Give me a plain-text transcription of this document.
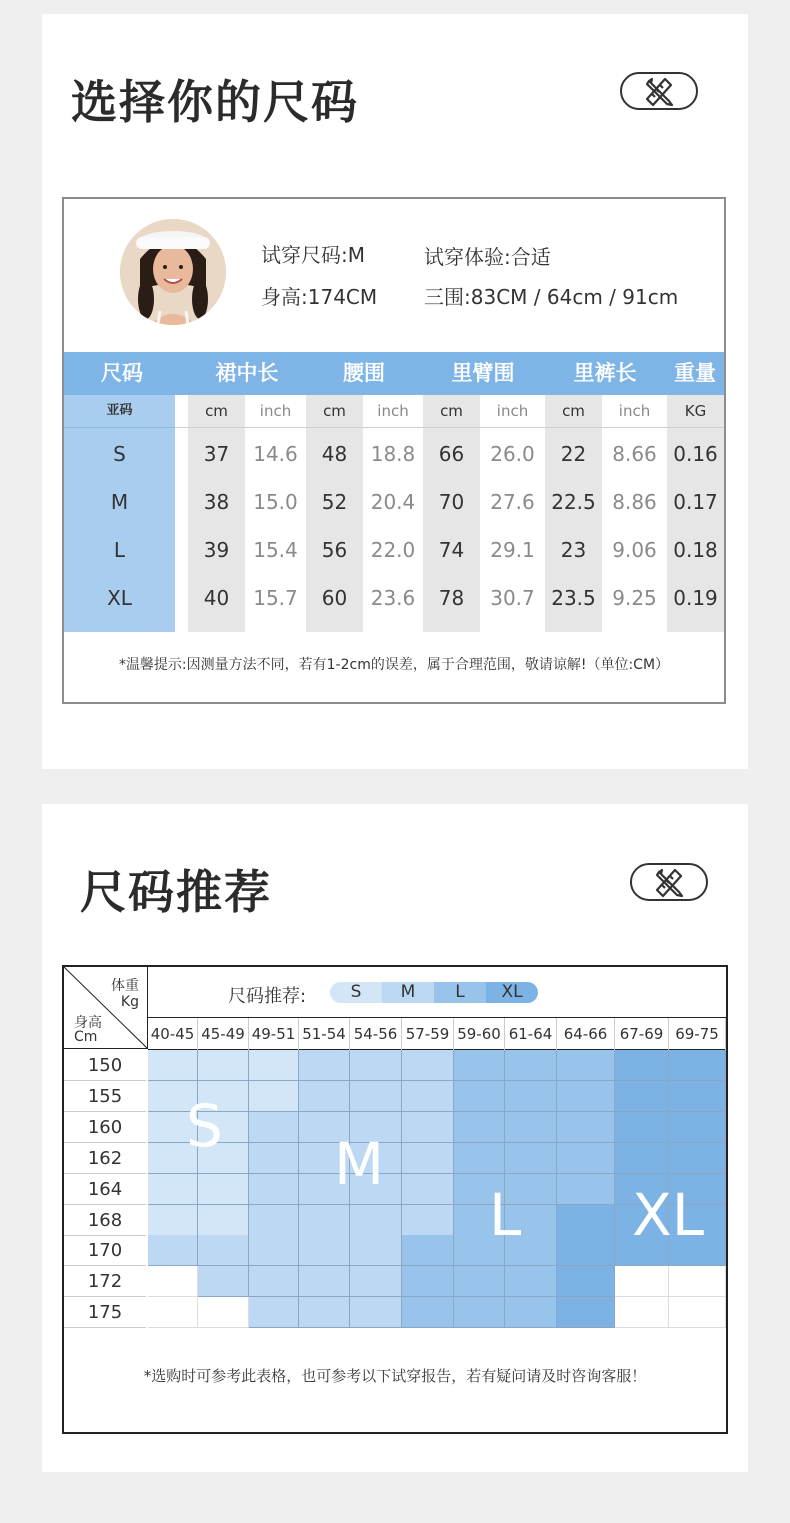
选择你的尺码
试穿尺码:M	试穿体验:合适
身高:174CM 三围:83CM / 64cm / 91cm
尺码	裙中长	腰围	里臂围	里裤长	重量
亚码	cm	inch	cm	inch	cm	inch	cm	inch	KG
S	37	14.6	48	18.8	66	26.0	22	8.66 0.16
M	38	15.0	52	20.4	70	27.6 22.5 8.86 0.17
L	39	15.4	56	22.0	74	29.1	23	9.06 0.18
XL	40	15.7	60	23.6	78	30.7 23.5 9.25 0.19
*温馨提示:因测量方法不同，若有1-2cm的误差，属于合理范围，敬请谅解!（单位:CM）
尺码推荐
体重
Kg
身高
Cm
尺码推荐:	S	M	L	XL
40-45 45-49 49-51 51-54 54-56 57-59 59-60 61-64 64-66 67-69 69-75
150
155
160
162
164
168
170
172
175
S
M
L XL
*选购时可参考此表格，也可参考以下试穿报告，若有疑问请及时咨询客服！
